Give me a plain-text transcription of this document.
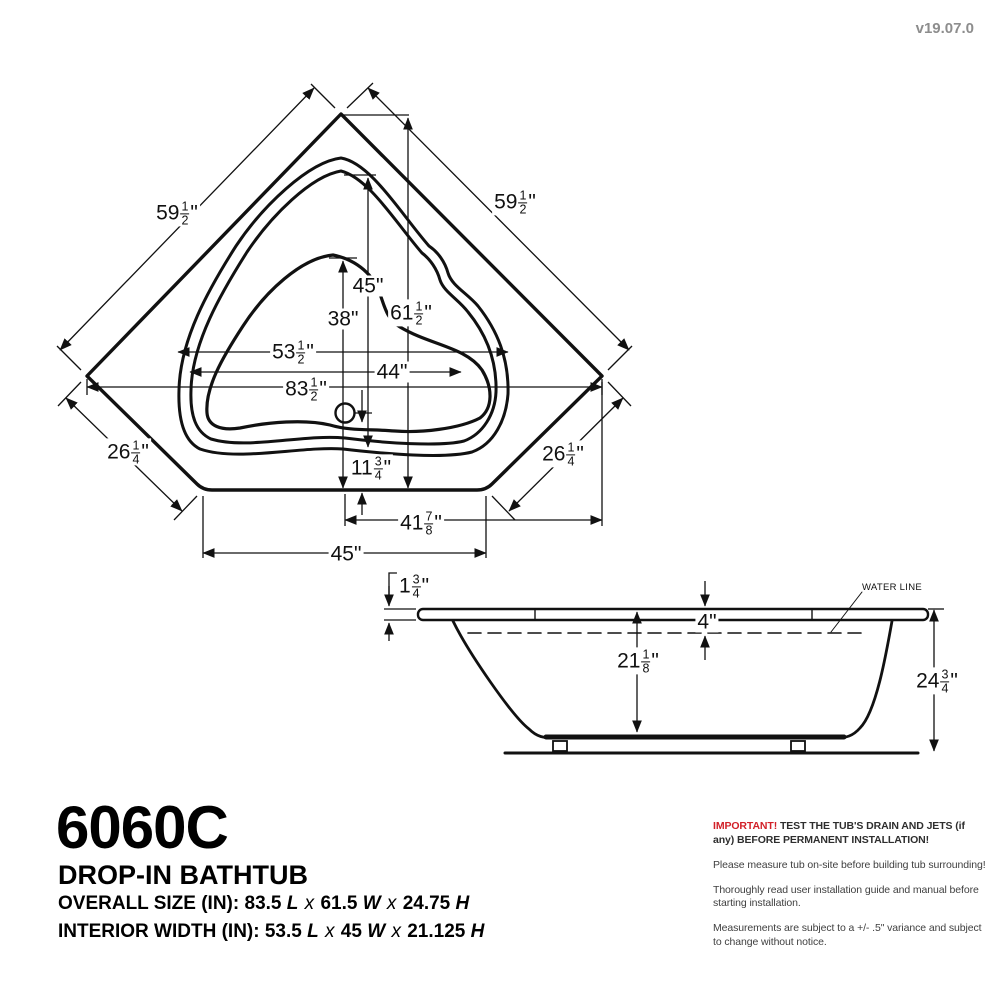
59 1
2 "	59 1
2 "
26 1
4 "	26 1
4 "
83 1
2 "
53 1
2 "
44 "
61 1
2 "
45 "
38 "
11 3
4 "
41 7
8 "
45 "
1 3
4 "
4 "
21 1
8 "
24 3
4 "
WATER LINE
v19.07.0
6060C
DROP-IN BATHTUB
OVERALL SIZE (IN): 83.5 L x 61.5 W x 24.75 H
INTERIOR WIDTH (IN): 53.5 L x 45 W x 21.125 H

IMPORTANT! TEST THE TUB'S DRAIN AND JETS (if any) BEFORE PERMANENT INSTALLATION!

Please measure tub on-site before building tub surrounding!

Thoroughly read user installation guide and manual before starting installation.

Measurements are subject to a +/- .5" variance and subject to change without notice.
